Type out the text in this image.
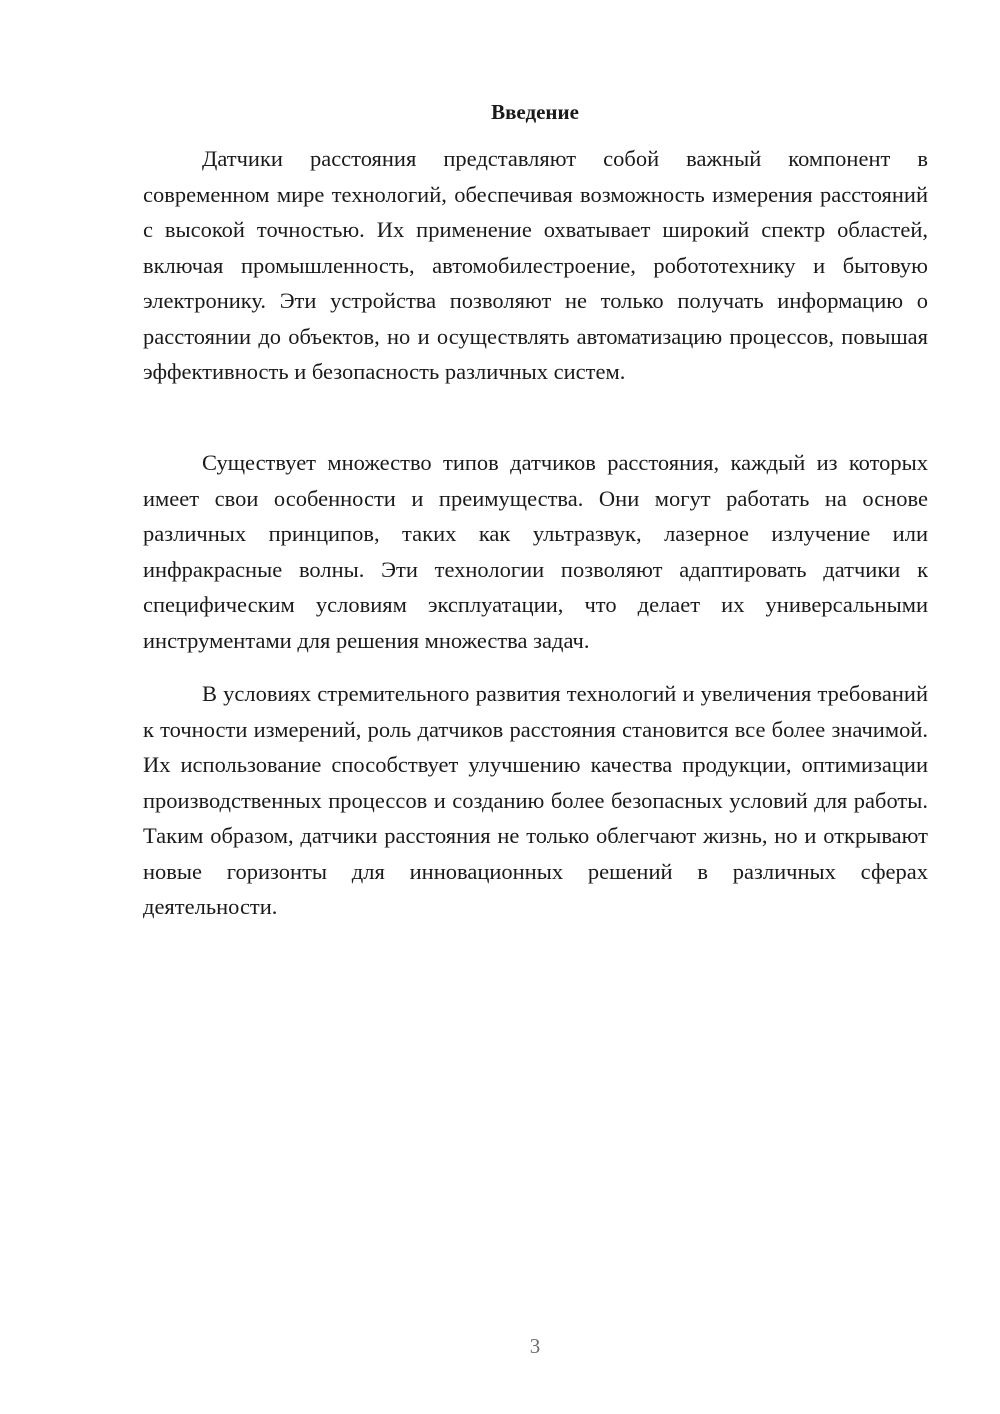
Введение

Датчики расстояния представляют собой важный компонент в современном мире технологий, обеспечивая возможность измерения расстояний с высокой точностью. Их применение охватывает широкий спектр областей, включая промышленность, автомобилестроение, робототехнику и бытовую электронику. Эти устройства позволяют не только получать информацию о расстоянии до объектов, но и осуществлять автоматизацию процессов, повышая эффективность и безопасность различных систем.

Существует множество типов датчиков расстояния, каждый из которых имеет свои особенности и преимущества. Они могут работать на основе различных принципов, таких как ультразвук, лазерное излучение или инфракрасные волны. Эти технологии позволяют адаптировать датчики к специфическим условиям эксплуатации, что делает их универсальными инструментами для решения множества задач.

В условиях стремительного развития технологий и увеличения требований к точности измерений, роль датчиков расстояния становится все более значимой. Их использование способствует улучшению качества продукции, оптимизации производственных процессов и созданию более безопасных условий для работы. Таким образом, датчики расстояния не только облегчают жизнь, но и открывают новые горизонты для инновационных решений в различных сферах деятельности.

3
